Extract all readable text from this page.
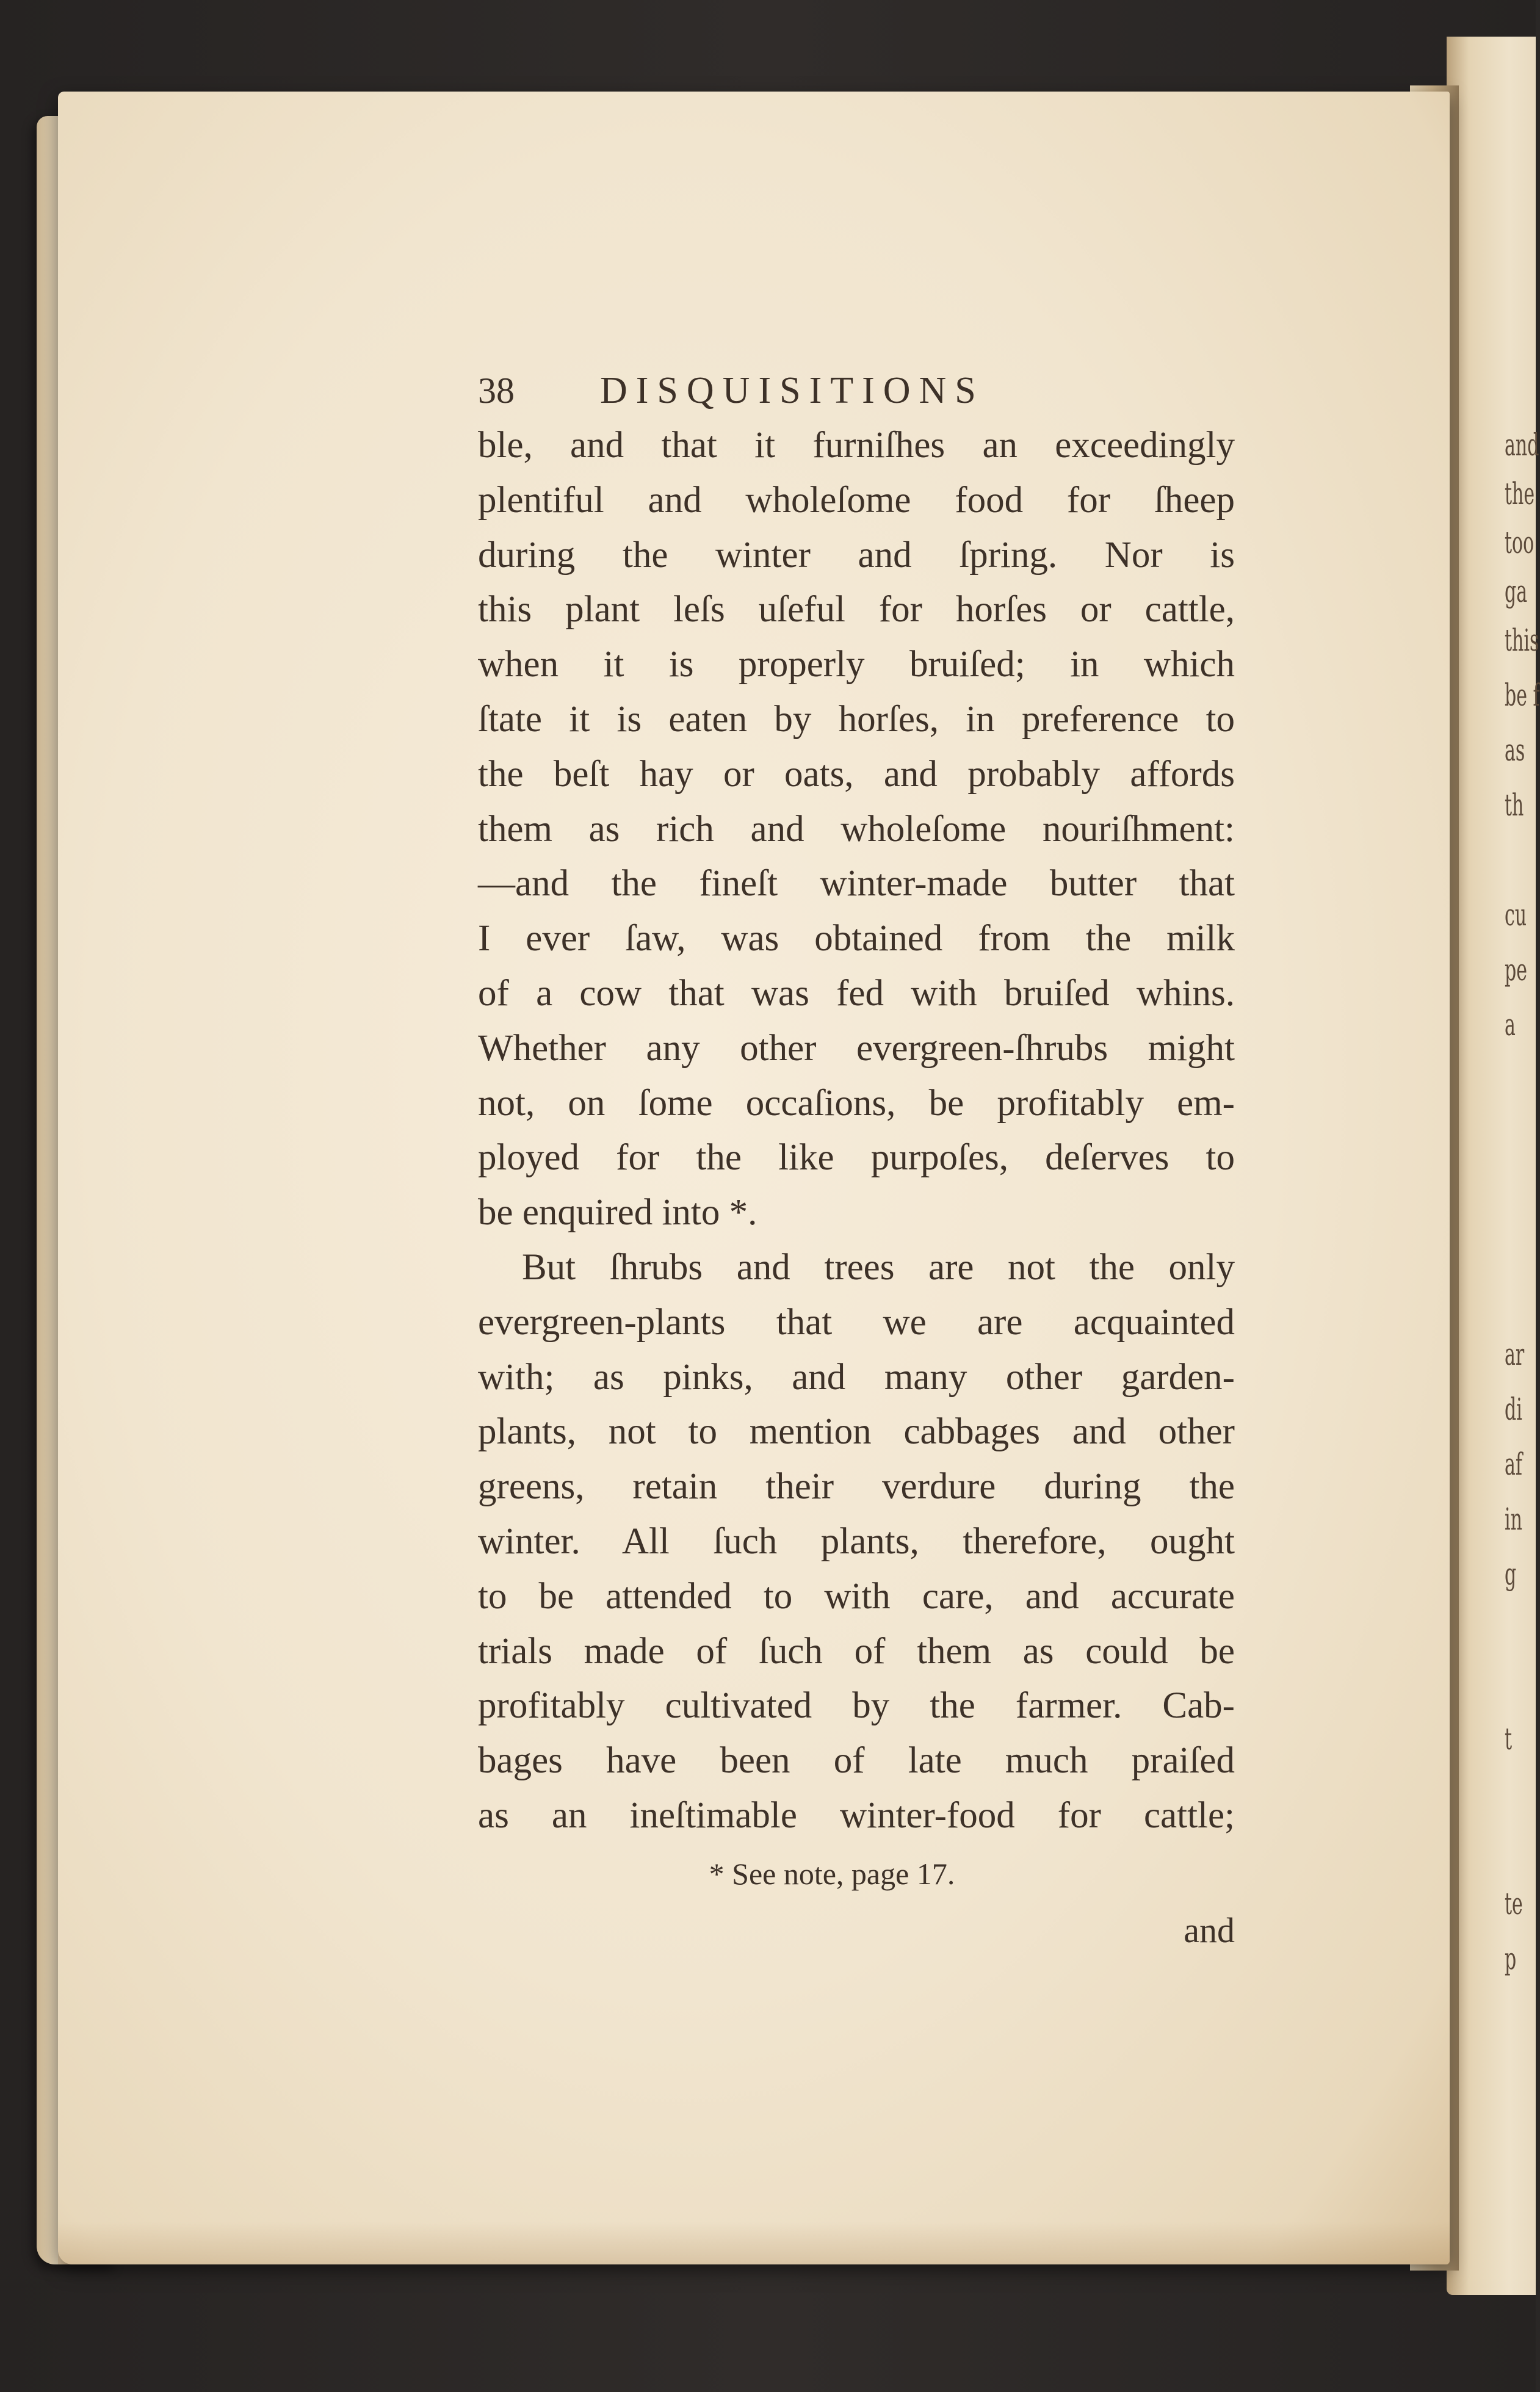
and
the
too
ga
this
be f
as
th
cu
pe
a
ar
di
af
in
g
t
te
p
38 DISQUISITIONS
ble, and that it furniſhes an exceedingly
plentiful and wholeſome food for ſheep
during the winter and ſpring. Nor is
this plant leſs uſeful for horſes or cattle,
when it is properly bruiſed; in which
ſtate it is eaten by horſes, in preference to
the beſt hay or oats, and probably affords
them as rich and wholeſome nouriſhment:
—and the fineſt winter-made butter that
I ever ſaw, was obtained from the milk
of a cow that was fed with bruiſed whins.
Whether any other evergreen-ſhrubs might
not, on ſome occaſions, be profitably em-
ployed for the like purpoſes, deſerves to
be enquired into *.
But ſhrubs and trees are not the only
evergreen-plants that we are acquainted
with; as pinks, and many other garden-
plants, not to mention cabbages and other
greens, retain their verdure during the
winter. All ſuch plants, therefore, ought
to be attended to with care, and accurate
trials made of ſuch of them as could be
profitably cultivated by the farmer. Cab-
bages have been of late much praiſed
as an ineſtimable winter-food for cattle;
* See note, page 17.
and
